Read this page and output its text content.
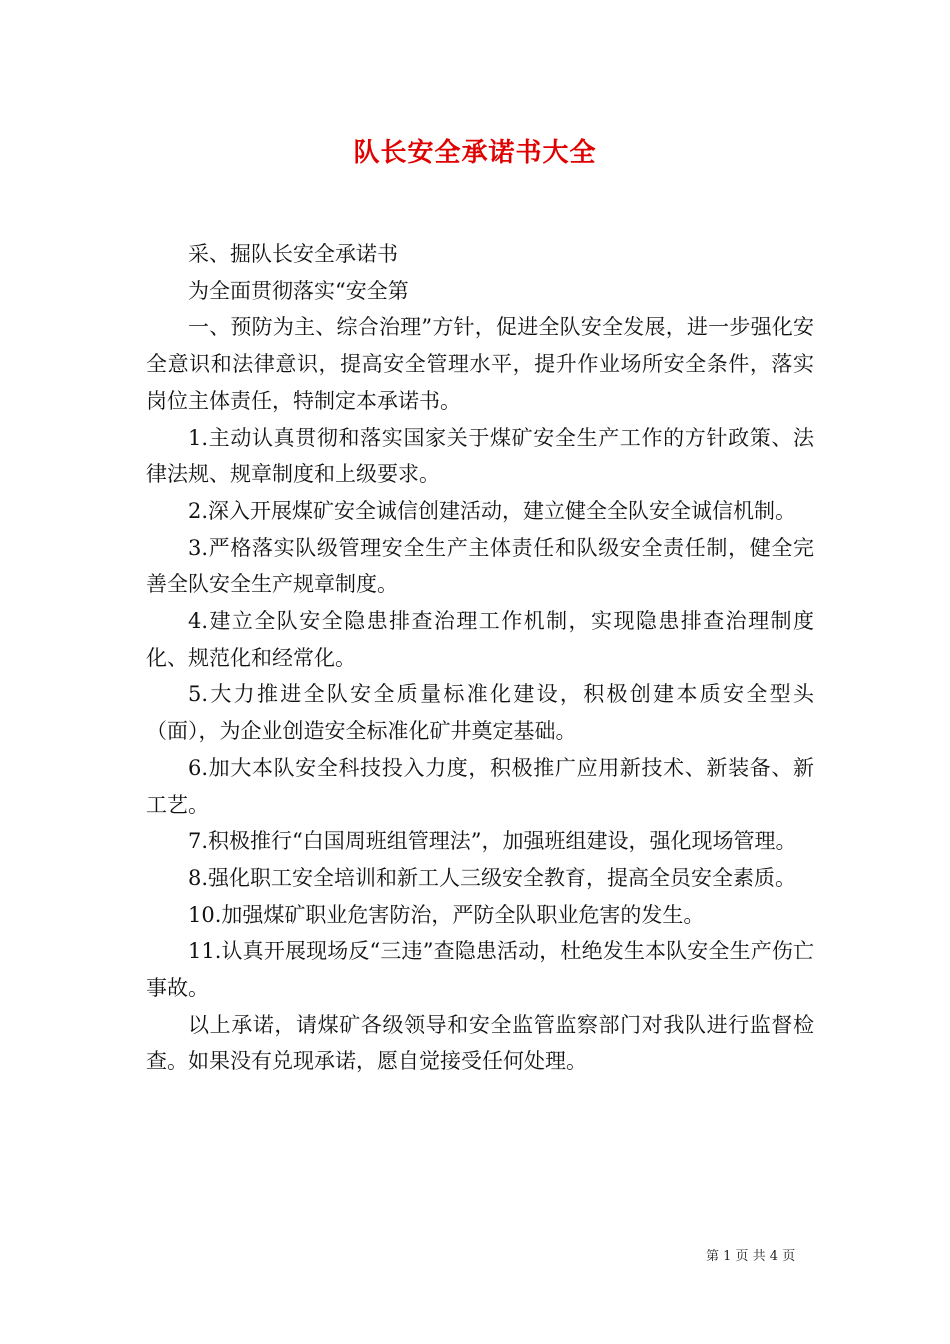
队长安全承诺书大全

采、掘队长安全承诺书

为全面贯彻落实“安全第

一、预防为主、综合治理”方针，促进全队安全发展，进一步强化安全意识和法律意识，提高安全管理水平，提升作业场所安全条件，落实岗位主体责任，特制定本承诺书。

1.主动认真贯彻和落实国家关于煤矿安全生产工作的方针政策、法律法规、规章制度和上级要求。

2.深入开展煤矿安全诚信创建活动，建立健全全队安全诚信机制。

3.严格落实队级管理安全生产主体责任和队级安全责任制，健全完善全队安全生产规章制度。

4.建立全队安全隐患排查治理工作机制，实现隐患排查治理制度化、规范化和经常化。

5.大力推进全队安全质量标准化建设，积极创建本质安全型头（面），为企业创造安全标准化矿井奠定基础。

6.加大本队安全科技投入力度，积极推广应用新技术、新装备、新工艺。

7.积极推行“白国周班组管理法”，加强班组建设，强化现场管理。

8.强化职工安全培训和新工人三级安全教育，提高全员安全素质。

10.加强煤矿职业危害防治，严防全队职业危害的发生。

11.认真开展现场反“三违”查隐患活动，杜绝发生本队安全生产伤亡事故。

以上承诺，请煤矿各级领导和安全监管监察部门对我队进行监督检查。如果没有兑现承诺，愿自觉接受任何处理。

第 1 页 共 4 页
